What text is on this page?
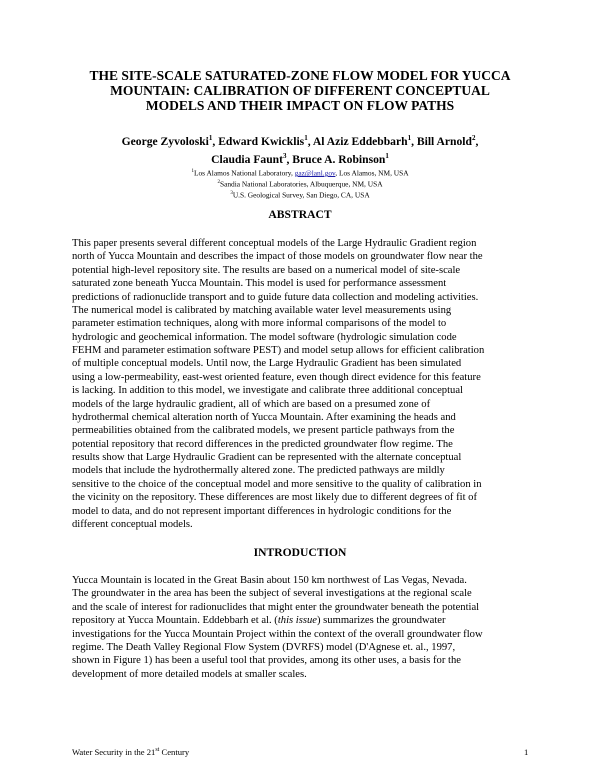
THE SITE-SCALE SATURATED-ZONE FLOW MODEL FOR YUCCA
MOUNTAIN: CALIBRATION OF DIFFERENT CONCEPTUAL
MODELS AND THEIR IMPACT ON FLOW PATHS
George Zyvoloski$^1$, Edward Kwicklis$^1$, Al Aziz Eddebbarh$^1$, Bill Arnold$^2$,
Claudia Faunt$^3$, Bruce A. Robinson$^1$
$^1$Los Alamos National Laboratory, gaz@lanl.gov, Los Alamos, NM, USA
$^2$Sandia National Laboratories, Albuquerque, NM, USA
$^3$U.S. Geological Survey, San Diego, CA, USA
ABSTRACT
This paper presents several different conceptual models of the Large Hydraulic Gradient region
north of Yucca Mountain and describes the impact of those models on groundwater flow near the
potential high-level repository site. The results are based on a numerical model of site-scale
saturated zone beneath Yucca Mountain. This model is used for performance assessment
predictions of radionuclide transport and to guide future data collection and modeling activities.
The numerical model is calibrated by matching available water level measurements using
parameter estimation techniques, along with more informal comparisons of the model to
hydrologic and geochemical information. The model software (hydrologic simulation code
FEHM and parameter estimation software PEST) and model setup allows for efficient calibration
of multiple conceptual models. Until now, the Large Hydraulic Gradient has been simulated
using a low-permeability, east-west oriented feature, even though direct evidence for this feature
is lacking. In addition to this model, we investigate and calibrate three additional conceptual
models of the large hydraulic gradient, all of which are based on a presumed zone of
hydrothermal chemical alteration north of Yucca Mountain. After examining the heads and
permeabilities obtained from the calibrated models, we present particle pathways from the
potential repository that record differences in the predicted groundwater flow regime. The
results show that Large Hydraulic Gradient can be represented with the alternate conceptual
models that include the hydrothermally altered zone. The predicted pathways are mildly
sensitive to the choice of the conceptual model and more sensitive to the quality of calibration in
the vicinity on the repository. These differences are most likely due to different degrees of fit of
model to data, and do not represent important differences in hydrologic conditions for the
different conceptual models.
INTRODUCTION
Yucca Mountain is located in the Great Basin about 150 km northwest of Las Vegas, Nevada.
The groundwater in the area has been the subject of several investigations at the regional scale
and the scale of interest for radionuclides that might enter the groundwater beneath the potential
repository at Yucca Mountain. Eddebbarh et al. (this issue) summarizes the groundwater
investigations for the Yucca Mountain Project within the context of the overall groundwater flow
regime. The Death Valley Regional Flow System (DVRFS) model (D'Agnese et. al., 1997,
shown in Figure 1) has been a useful tool that provides, among its other uses, a basis for the
development of more detailed models at smaller scales.
Water Security in the 21st Century	1
